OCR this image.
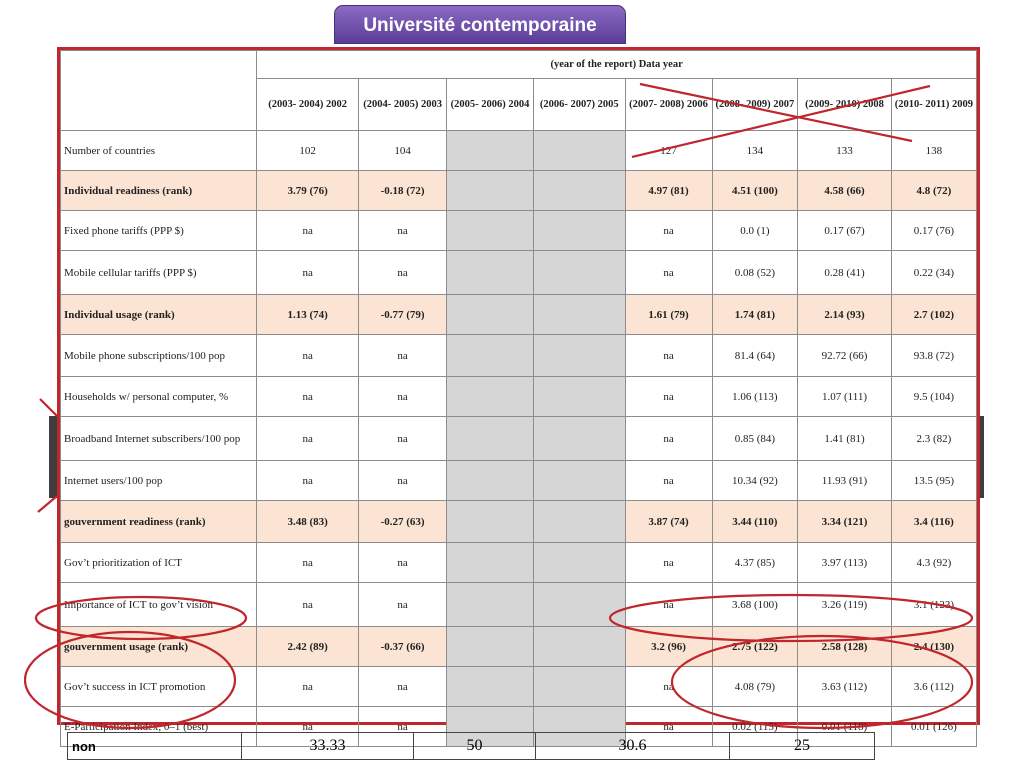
Université contemporaine
	(year of the report) Data year							
	(2003- 2004) 2002	(2004- 2005) 2003	(2005- 2006) 2004	(2006- 2007) 2005	(2007- 2008) 2006	(2008- 2009) 2007	(2009- 2010) 2008	(2010- 2011) 2009
Number of countries	102	104			127	134	133	138
Individual readiness (rank)	3.79 (76)	-0.18 (72)			4.97 (81)	4.51 (100)	4.58 (66)	4.8 (72)
Fixed phone tariffs (PPP $)	na	na			na	0.0 (1)	0.17 (67)	0.17 (76)
Mobile cellular tariffs (PPP $)	na	na			na	0.08 (52)	0.28 (41)	0.22 (34)
Individual usage (rank)	1.13 (74)	-0.77 (79)			1.61 (79)	1.74 (81)	2.14 (93)	2.7 (102)
Mobile phone subscriptions/100 pop	na	na			na	81.4 (64)	92.72 (66)	93.8 (72)
Households w/ personal computer, %	na	na			na	1.06 (113)	1.07 (111)	9.5 (104)
Broadband Internet subscribers/100 pop	na	na			na	0.85 (84)	1.41 (81)	2.3 (82)
Internet users/100 pop	na	na			na	10.34 (92)	11.93 (91)	13.5 (95)
gouvernment readiness (rank)	3.48 (83)	-0.27 (63)			3.87 (74)	3.44 (110)	3.34 (121)	3.4 (116)
Gov’t prioritization of ICT	na	na			na	4.37 (85)	3.97 (113)	4.3 (92)
Importance of ICT to gov’t vision	na	na			na	3.68 (100)	3.26 (119)	3.1 (123)
gouvernment usage (rank)	2.42 (89)	-0.37 (66)			3.2 (96)	2.75 (122)	2.58 (128)	2.4 (130)
Gov’t success in ICT promotion	na	na			na	4.08 (79)	3.63 (112)	3.6 (112)
E-Participation Index, 0–1 (best)	na	na			na	0.02 (115)	0.01 (118)	0.01 (126)
non	33.33	50	30.6	25
